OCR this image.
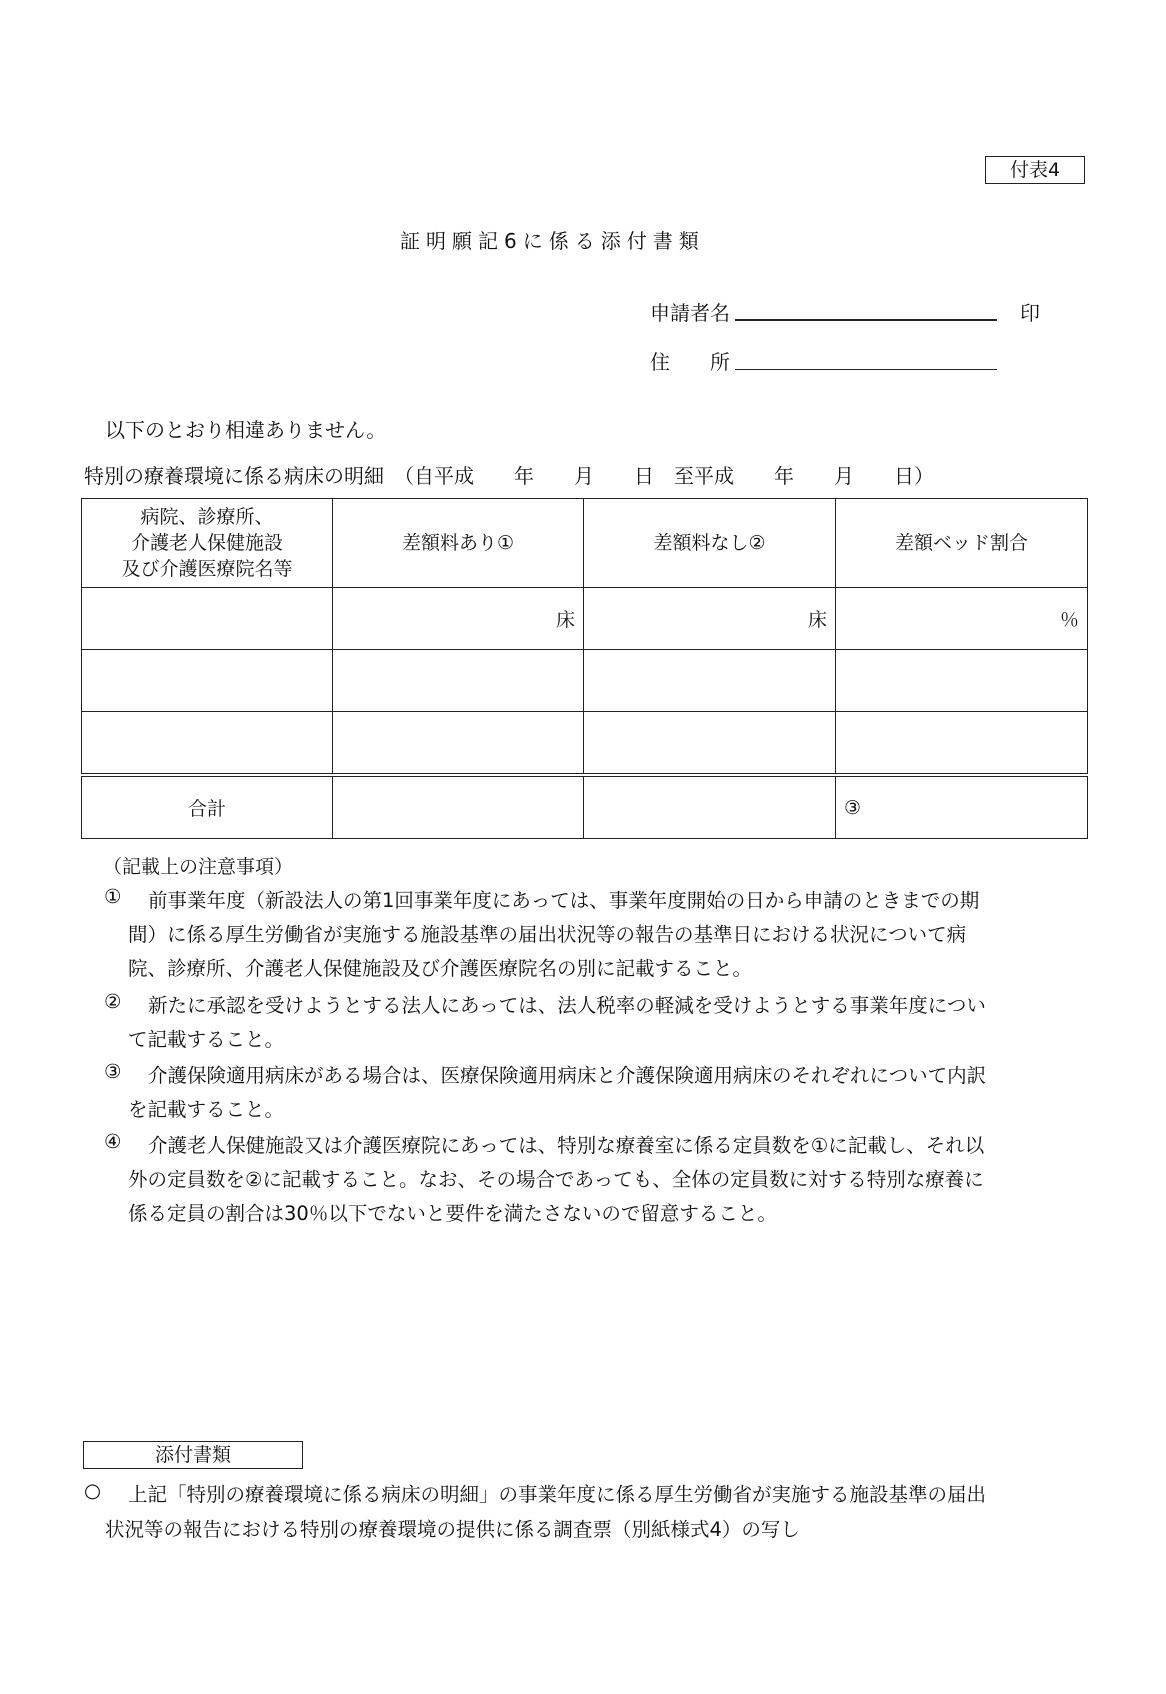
付表4
証明願記6に係る添付書類
申請者名	印
住　　所
以下のとおり相違ありません。
特別の療養環境に係る病床の明細　（自平成　　年　　月　　日　至平成　　年　　月　　日）
病院、診療所、
介護老人保健施設
及び介護医療院名等	差額料あり①	差額料なし②	差額ベッド割合
	床	床	％

合計			③
（記載上の注意事項）
① 前事業年度（新設法人の第1回事業年度にあっては、事業年度開始の日から申請のときまでの期
間）に係る厚生労働省が実施する施設基準の届出状況等の報告の基準日における状況について病
院、診療所、介護老人保健施設及び介護医療院名の別に記載すること。
② 新たに承認を受けようとする法人にあっては、法人税率の軽減を受けようとする事業年度につい
て記載すること。
③ 介護保険適用病床がある場合は、医療保険適用病床と介護保険適用病床のそれぞれについて内訳
を記載すること。
④ 介護老人保健施設又は介護医療院にあっては、特別な療養室に係る定員数を①に記載し、それ以
外の定員数を②に記載すること。なお、その場合であっても、全体の定員数に対する特別な療養に
係る定員の割合は30％以下でないと要件を満たさないので留意すること。
添付書類
○ 上記「特別の療養環境に係る病床の明細」の事業年度に係る厚生労働省が実施する施設基準の届出
状況等の報告における特別の療養環境の提供に係る調査票（別紙様式4）の写し
